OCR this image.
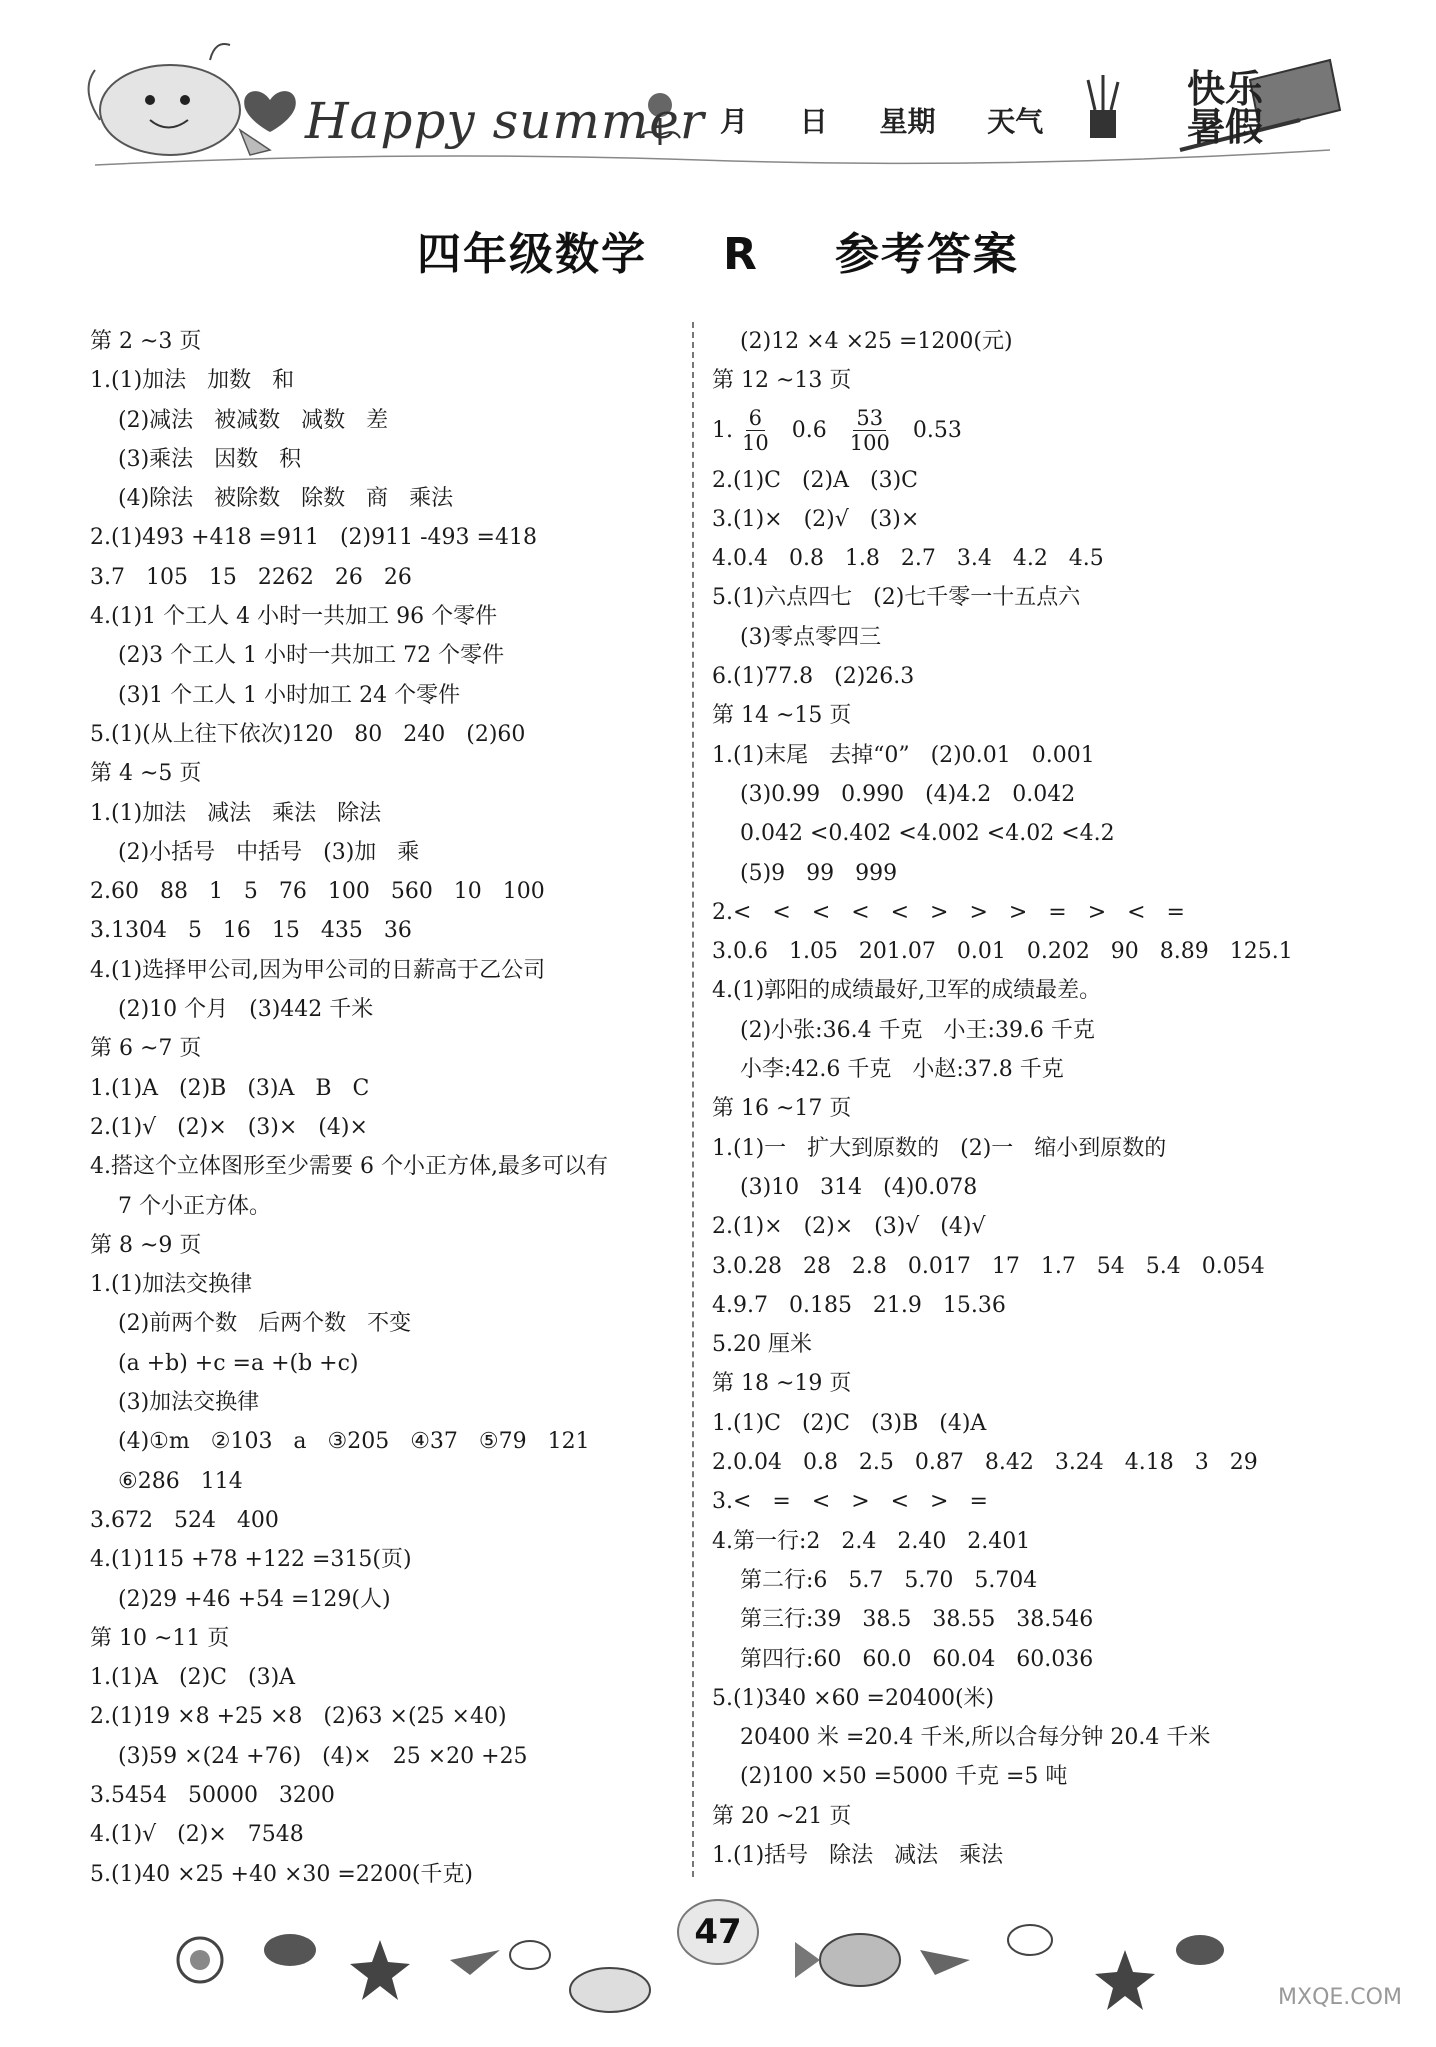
Happy summer 月 日 星期 天气
快乐
暑假
四年级数学 R 参考答案
第 2 ~3 页
1.(1)加法   加数   和
(2)减法   被减数   减数   差
(3)乘法   因数   积
(4)除法   被除数   除数   商   乘法
2.(1)493 +418 =911   (2)911 -493 =418
3.7   105   15   2262   26   26
4.(1)1 个工人 4 小时一共加工 96 个零件
(2)3 个工人 1 小时一共加工 72 个零件
(3)1 个工人 1 小时加工 24 个零件
5.(1)(从上往下依次)120   80   240   (2)60
第 4 ~5 页
1.(1)加法   减法   乘法   除法
(2)小括号   中括号   (3)加   乘
2.60   88   1   5   76   100   560   10   100
3.1304   5   16   15   435   36
4.(1)选择甲公司,因为甲公司的日薪高于乙公司
(2)10 个月   (3)442 千米
第 6 ~7 页
1.(1)A   (2)B   (3)A   B   C
2.(1)√   (2)×   (3)×   (4)×
4.搭这个立体图形至少需要 6 个小正方体,最多可以有
7 个小正方体。
第 8 ~9 页
1.(1)加法交换律
(2)前两个数   后两个数   不变
(a +b) +c =a +(b +c)
(3)加法交换律
(4)①m   ②103   a   ③205   ④37   ⑤79   121
⑥286   114
3.672   524   400
4.(1)115 +78 +122 =315(页)
(2)29 +46 +54 =129(人)
第 10 ~11 页
1.(1)A   (2)C   (3)A
2.(1)19 ×8 +25 ×8   (2)63 ×(25 ×40)
(3)59 ×(24 +76)   (4)×   25 ×20 +25
3.5454   50000   3200
4.(1)√   (2)×   7548
5.(1)40 ×25 +40 ×30 =2200(千克)
(2)12 ×4 ×25 =1200(元)
第 12 ~13 页
1. $\frac{6}{10} 0.6 \frac{53}{100} 0.53$
2.(1)C   (2)A   (3)C
3.(1)×   (2)√   (3)×
4.0.4   0.8   1.8   2.7   3.4   4.2   4.5
5.(1)六点四七   (2)七千零一十五点六
(3)零点零四三
6.(1)77.8   (2)26.3
第 14 ~15 页
1.(1)末尾   去掉“0”   (2)0.01   0.001
(3)0.99   0.990   (4)4.2   0.042
0.042 <0.402 <4.002 <4.02 <4.2
(5)9   99   999
2.<   <   <   <   <   >   >   >   =   >   <   =
3.0.6   1.05   201.07   0.01   0.202   90   8.89   125.1
4.(1)郭阳的成绩最好,卫军的成绩最差。
(2)小张:36.4 千克   小王:39.6 千克
小李:42.6 千克   小赵:37.8 千克
第 16 ~17 页
1.(1)一   扩大到原数的   (2)一   缩小到原数的
(3)10   314   (4)0.078
2.(1)×   (2)×   (3)√   (4)√
3.0.28   28   2.8   0.017   17   1.7   54   5.4   0.054
4.9.7   0.185   21.9   15.36
5.20 厘米
第 18 ~19 页
1.(1)C   (2)C   (3)B   (4)A
2.0.04   0.8   2.5   0.87   8.42   3.24   4.18   3   29
3.<   =   <   >   <   >   =
4.第一行:2   2.4   2.40   2.401
第二行:6   5.7   5.70   5.704
第三行:39   38.5   38.55   38.546
第四行:60   60.0   60.04   60.036
5.(1)340 ×60 =20400(米)
20400 米 =20.4 千米,所以合每分钟 20.4 千米
(2)100 ×50 =5000 千克 =5 吨
第 20 ~21 页
1.(1)括号   除法   减法   乘法
47
MXQE.COM
